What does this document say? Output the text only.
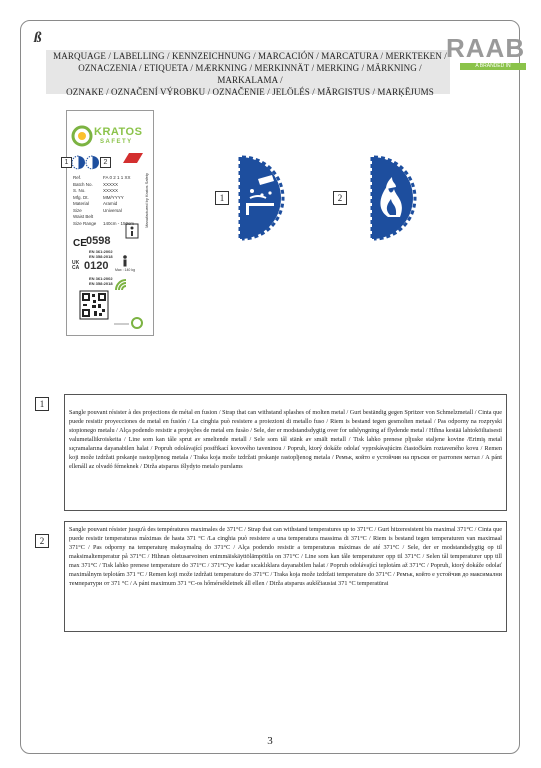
ß
MARQUAGE / LABELLING / KENNZEICHNUNG / MARCACIÓN / MARCATURA / MERKTEKEN /
OZNACZENIA / ETIQUETA / MÆRKNING / MERKINNÄT / MERKING / MÄRKNING / MARKALAMA /
OZNAKE / OZNAČENÍ VÝROBKU / OZNAČENIE / JELÖLÉS / MĂRGISTUS / MARĶĒJUMS
RAAB
A BRANDED IN COMMITMENT
KRATOS
SAFETY
1	2
Ref.	FA 0 2 1 1 XX
Batch No. XXXXX
S. No.	XXXXX
Mfg. Dt.	MM/YYYY
Material	Aramid
Size	Universal
Waist Belt
Size Range 140cm - 150cm Manufactured by Kratos Safety
CE 0598
EN 361:2002
EN 358:2018
UK
CA 0120 Max : 140 kg
EN 361:2002
EN 358:2018
1	2
1
Sangle pouvant résister à des projections de métal en fusion / Strap that can withstand splashes of molten metal / Gurt beständig gegen Spritzer von Schmelzmetall / Cinta que puede resistir proyecciones de metal en fusión / La cinghia può resistere a proiezioni di metallo fuso / Riem is bestand tegen gesmolten metaal / Pas odporny na rozpryski stopionego metalu / Alça podendo resistir a projeções de metal em fusão / Sele, der er modstandsdygtig over for udslyngning af flydende metal / Hihna kestää lahtoköiltaisesti valumetallikroiskeita / Line som kan tåle sprut av smeltende metall / Sele som tål stänk av smält metall / Tisk lahko prenese pljuske staljene kovine /Erimiş metal sıçramalarına dayanabilen halat / Popruh odolávající postřikací kovového taveninou / Popruh, ktorý dokáže odolať vyprskávajúcim čiastočkám roztaveného kovu / Remen koji može izdržati prskanje rastopljenog metala / Traka koja može izdržati prskanje rastopljenog metala / Ремък, който е устойчив на пръски от разтопен метал / A pánt ellenáll az olvadó fémeknek / Dirža atsparus išlydyto metalo purslams
2
Sangle pouvant résister jusqu'à des températures maximales de 371°C / Strap that can withstand temperatures up to 371°C / Gurt hitzeresistent bis maximal 371°C / Cinta que puede resistir temperaturas máximas de hasta 371 °C /La cinghia può resistere a una temperatura massima di 371°C / Riem is bestand tegen temperaturen van maximaal 371°C / Pas odporny na temperaturę maksymalną do 371°C / Alça podendo resistir a temperaturas máximas de até 371°C / Sele, der er modstandsdygtig op til maksimaltemperatur på 371°C / Hihnan oletusarvoinen enimmäiskäyttölämpötila on 371°C / Line som kan tåle temperaturer opp til 371°C / Selen tål temperaturer upp till max 371°C / Tisk lahko prenese temperature do 371°C / 371°C'ye kadar sıcaklıklara dayanabilen halat / Popruh odolávající teplotám až 371°C / Popruh, ktorý dokáže odolať maximálnym teplotám 371 °C / Remen koji može izdržati temperature do 371°C / Traka koja može izdržati temperature do 371°C / Ремък, който е устойчив до максимални температури от 371 °C / A pánt maximum 371 °C-os hőmérsékletnek áll ellen / Dirža atsparus aukščiausiai 371 °C temperatūrai
3
